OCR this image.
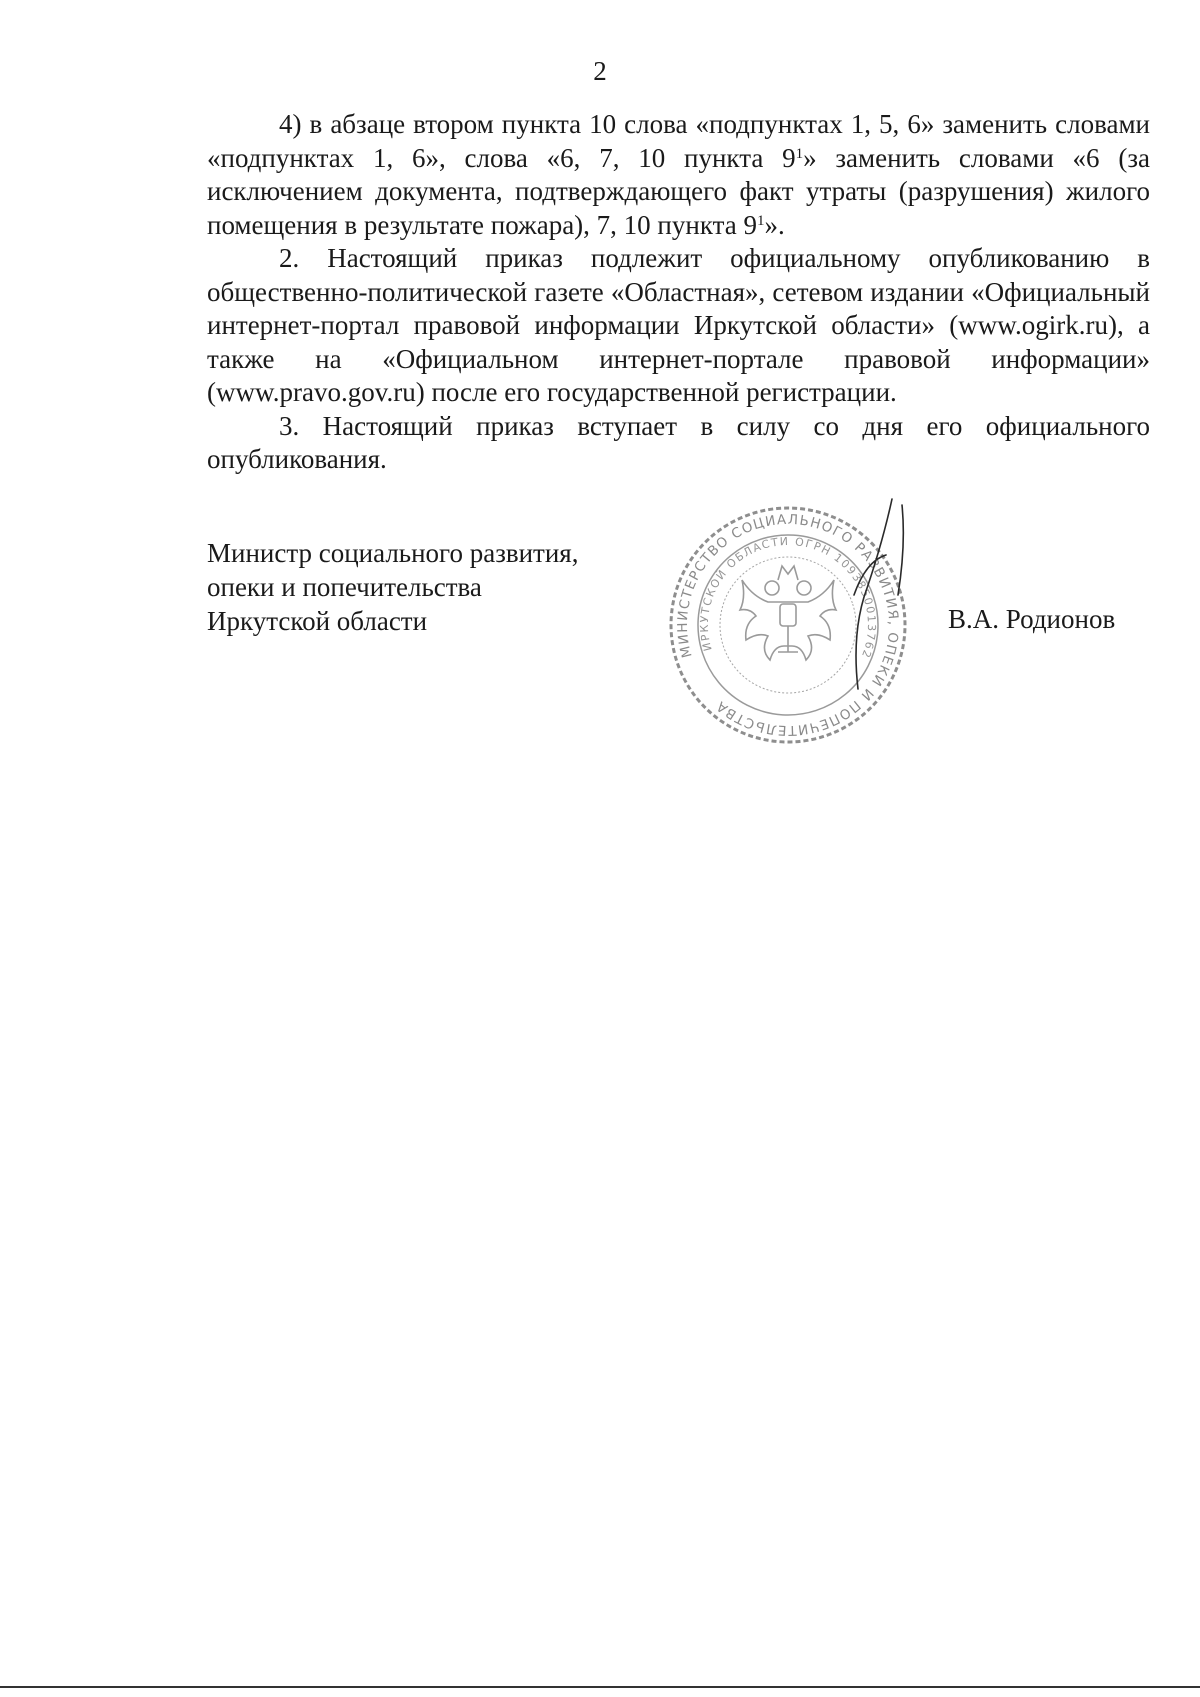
2

4) в абзаце втором пункта 10 слова «подпунктах 1, 5, 6» заменить словами «подпунктах 1, 6», слова «6, 7, 10 пункта $9^1$» заменить словами «6 (за исключением документа, подтверждающего факт утраты (разрушения) жилого помещения в результате пожара), 7, 10 пункта $9^1$».

2. Настоящий приказ подлежит официальному опубликованию в общественно-политической газете «Областная», сетевом издании «Официальный интернет-портал правовой информации Иркутской области» (www.ogirk.ru), а также на «Официальном интернет-портале правовой информации» (www.pravo.gov.ru) после его государственной регистрации.

3. Настоящий приказ вступает в силу со дня его официального опубликования.

Министр социального развития,
опеки и попечительства
Иркутской области
МИНИСТЕРСТВО СОЦИАЛЬНОГО РАЗВИТИЯ, ОПЕКИ И ПОПЕЧИТЕЛЬСТВА
ИРКУТСКОЙ ОБЛАСТИ ОГРН 1093850013762
В.А. Родионов
